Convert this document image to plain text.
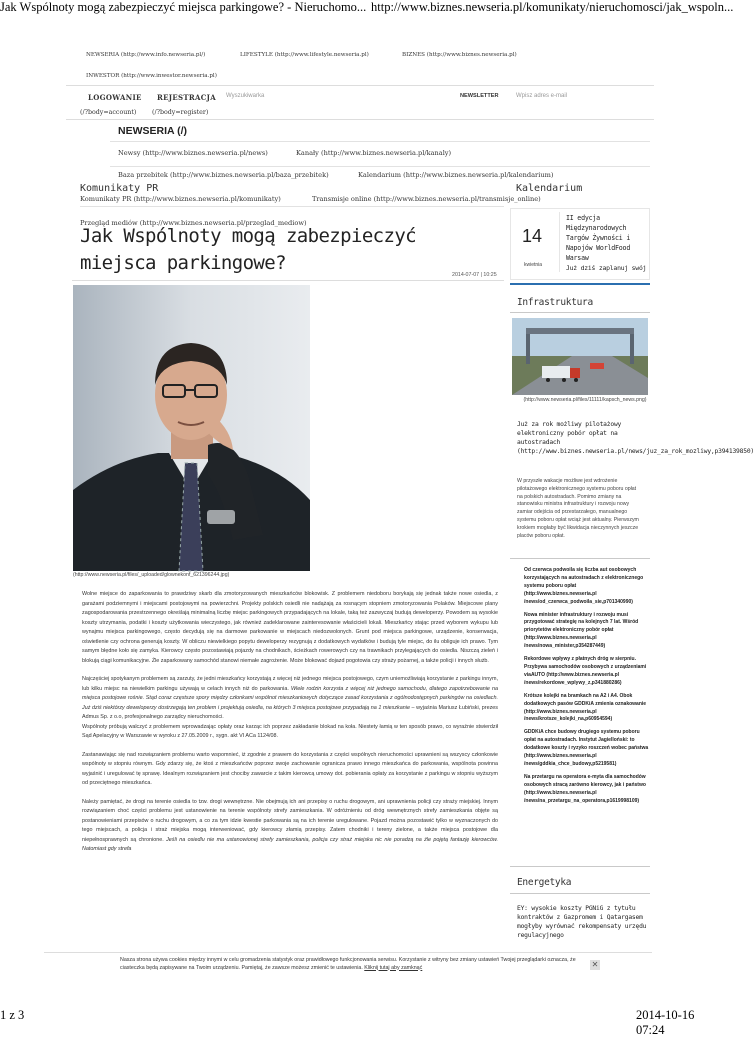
Jak Wspólnoty mogą zabezpieczyć miejsca parkingowe? - Nieruchomo... http://www.biznes.newseria.pl/komunikaty/nieruchomosci/jak_wspoln...
1 z 3	2014-10-16 07:24
NEWSERIA (http://www.info.newseria.pl/)	LIFESTYLE (http://www.lifestyle.newseria.pl)	BIZNES (http://www.biznes.newseria.pl)
INWESTOR (http://www.inwestor.newseria.pl)
LOGOWANIE REJESTRACJA Wyszukiwarka	NEWSLETTER	Wpisz adres e-mail
(/?body=account) (/?body=register)
NEWSERIA (/)
Newsy (http://www.biznes.newseria.pl/news)	Kanały (http://www.biznes.newseria.pl/kanaly)
Baza przebitek (http://www.biznes.newseria.pl/baza_przebitek)	Kalendarium (http://www.biznes.newseria.pl/kalendarium)
Komunikaty PR	Kalendarium
Komunikaty PR (http://www.biznes.newseria.pl/komunikaty)	Transmisje online (http://www.biznes.newseria.pl/transmisje_online)
Przegląd mediów (http://www.biznes.newseria.pl/przeglad_mediow)
Jak Wspólnoty mogą zabezpieczyć miejsca parkingowe?
2014-07-07 | 10:25
(http://www.newseria.pl/files/_uploaded/glownekonf_621396244.jpg)

Wolne miejsce do zaparkowania to prawdziwy skarb dla zmotoryzowanych mieszkańców blokowisk. Z problemem niedoboru borykają się jednak także nowe osiedla, z garażami podziemnymi i miejscami postojowymi na powierzchni. Projekty polskich osiedli nie nadążają za rosnącym stopniem zmotoryzowania Polaków. Miejscowe plany zagospodarowania przestrzennego określają minimalną liczbę miejsc parkingowych przypadających na lokale, taką też zazwyczaj budują deweloperzy. Powodem są wysokie koszty utrzymania, podatki i koszty użytkowania wieczystego, jak również zadeklarowane zainteresowanie właścicieli lokali. Mieszkańcy stając przed wyborem wykupu lub wynajmu miejsca parkingowego, często decydują się na darmowe parkowanie w miejscach niedozwolonych. Grunt pod miejsca parkingowe, urządzenie, konserwacja, oświetlenie czy ochrona generują koszty. W obliczu niewielkiego popytu deweloperzy rezygnują z dodatkowych wydatków i budują tyle miejsc, do ilu obliguje ich prawo. Tym samym błędne koło się zamyka. Kierowcy często pozostawiają pojazdy na chodnikach, ścieżkach rowerowych czy na trawnikach przylegających do osiedla. Niszczą zieleń i blokują ciągi komunikacyjne. Źle zaparkowany samochód stanowi niemałe zagrożenie. Może blokować dojazd pogotowia czy straży pożarnej, a także policji i innych służb.

Najczęściej spotykanym problemem są zarzuty, że jedni mieszkańcy korzystają z więcej niż jednego miejsca postojowego, czym uniemożliwiają korzystanie z parkingu innym, lub kilku miejsc na niewielkim parkingu używają w celach innych niż do parkowania. Wiele rodzin korzysta z więcej niż jednego samochodu, dlatego zapotrzebowanie na miejsca postojowe rośnie. Stąd coraz częstsze spory między członkami wspólnot mieszkaniowych dotyczące zasad korzystania z ogólnodostępnych parkingów na osiedlach. Już dziś niektórzy deweloperzy dostrzegają ten problem i projektują osiedla, na których 3 miejsca postojowe przypadają na 1 mieszkanie – wyjaśnia Mariusz Łubiński, prezes Admus Sp. z o.o, profesjonalnego zarządcy nieruchomości.
Wspólnoty próbują walczyć z problemem wprowadzając opłaty oraz karząc ich poprzez zakładanie blokad na koła. Niestety łamią w ten sposób prawo, co wyraźnie stwierdził Sąd Apelacyjny w Warszawie w wyroku z 27.05.2009 r., sygn. akt VI ACa 1124/08.

Zastanawiając się nad rozwiązaniem problemu warto wspomnieć, iż zgodnie z prawem do korzystania z części wspólnych nieruchomości uprawnieni są wszyscy członkowie wspólnoty w stopniu równym. Gdy zdarzy się, że ktoś z mieszkańców poprzez swoje zachowanie ogranicza prawo innego mieszkańca do parkowania, wspólnota powinna wyjaśnić i uregulować tę sprawę. Idealnym rozwiązaniem jest chociby zawarcie z takim kierowcą umowy dot. pobierania opłaty za korzystanie z parkingu w stopniu wyższym od przeciętnego mieszkańca.

Należy pamiętać, że drogi na terenie osiedla to tzw. drogi wewnętrzne. Nie obejmują ich ani przepisy o ruchu drogowym, ani uprawnienia policji czy straży miejskiej. Innym rozwiązaniem choć części problemu jest ustanowienie na terenie wspólnoty strefy zamieszkania. W odróżnieniu od dróg wewnętrznych strefy zamieszkania objęte są postanowieniami przepisów o ruchu drogowym, a co za tym idzie kwestie parkowania są na ich terenie uregulowane. Pojazd można pozostawić tylko w wyznaczonych do tego miejscach, a policja i straż miejska mogą interweniować, gdy kierowcy złamią przepisy. Zatem chodniki i tereny zielone, a także miejsca postojowe dla niepełnosprawnych są chronione. Jeśli na osiedlu nie ma ustanowionej strefy zamieszkania, policja czy straż miejska nic nie poradzą na źle pojętą fantazję kierowców. Natomiast gdy strefa

14
kwietnia
II edycja Międzynarodowych Targów Żywności i Napojów WorldFood Warsaw
Już dziś zaplanuj swój
Infrastruktura
(http://www.newseria.pl/files/11111/kapsch_news.png)
Już za rok możliwy pilotażowy elektroniczny pobór opłat na autostradach (http://www.biznes.newseria.pl/news/juz_za_rok_mozliwy,p394139850)
W przyszłe wakacje możliwe jest wdrożenie pilotażowego elektronicznego systemu poboru opłat na polskich autostradach. Pomimo zmiany na stanowisku ministra infrastruktury i rozwoju nowy zamiar odejścia od przestarzałego, manualnego systemu poboru opłat wciąż jest aktualny. Pierwszym krokiem mogłaby być likwidacja nieczynnych jeszcze placów poboru opłat.
Od czerwca podwoila się liczba aut osobowych korzystających na autostradach z elektronicznego systemu poboru opłat (http://www.biznes.newseria.pl /news/od_czerwca_podwoila_sie,p701340990)
Nowa minister infrastruktury i rozwoju musi przygotować strategię na kolejnych 7 lat. Wśród priorytetów elektroniczny pobór opłat (http://www.biznes.newseria.pl /news/nowa_minister,p354287449)
Rekordowe wpływy z płatnych dróg w sierpniu. Przybywa samochodów osobowych z urządzeniami viaAUTO (http://www.biznes.newseria.pl /news/rekordowe_wplywy_z,p341880286)
Krótsze kolejki na bramkach na A2 i A4. Obok dodatkowych pasów GDDKiA zmienia oznakowanie (http://www.biznes.newseria.pl /news/krotsze_kolejki_na,p60954594)
GDDKiA chce budowy drugiego systemu poboru opłat na autostradach. Instytut Jagielloński: to dodatkowe koszty i ryzyko roszczeń wobec państwa (http://www.biznes.newseria.pl /news/gddkia_chce_budowy,p5219581)
Na przetargu na operatora e-myta dla samochodów osobowych stracą zarówno kierowcy, jak i państwo (http://www.biznes.newseria.pl /news/na_przetargu_na_operatora,p1619998109)
Energetyka
EY: wysokie koszty PGNiG z tytułu kontraktów z Gazpromem i Qatargasem mogłyby wyrównać rekompensaty urzędu regulacyjnego
Nasza strona używa cookies między innymi w celu gromadzenia statystyk oraz prawidłowego funkcjonowania serwisu. Korzystanie z witryny bez zmiany ustawień Twojej przeglądarki oznacza, że ciasteczka będą zapisywane na Twoim urządzeniu. Pamiętaj, że zawsze możesz zmienić te ustawienia. Kliknij tutaj aby zamknąć	✕
